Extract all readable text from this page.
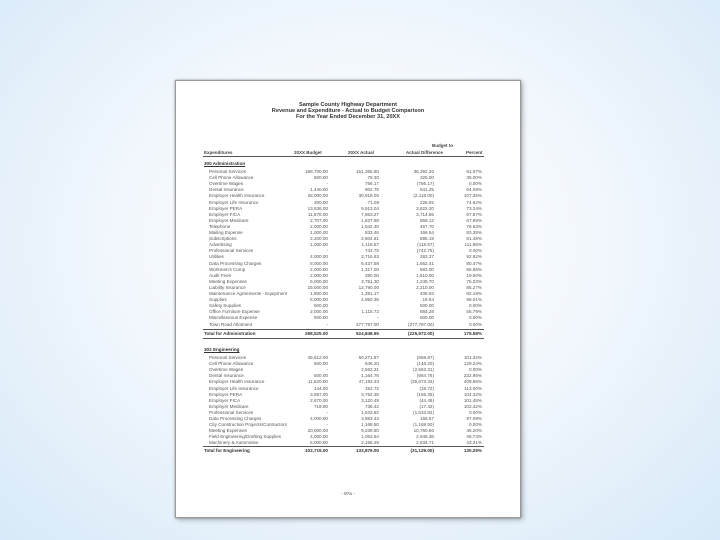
Sample County Highway Department
Revenue and Expenditure - Actual to Budget Comparison
For the Year Ended December 31, 20XX
Budget to
Expenditures	20XX Budget	20XX Actual	Actual Difference	Percent
300 Administration
Personal Services	188,700.00	151,355.80	36,392.20	81.07%
Cell Phone Allowance	500.00	78.30	325.00	35.00%
Overtime Wages	-	756.17	(756.17)	0.00%
Dental Insurance	1,440.00	902.75	541.25	64.08%
Employer Health Insurance	28,000.00	30,918.00	(2,118.00)	107.35%
Employer Life Insurance	300.00	71.08	228.92	74.62%
Employer PERA	13,536.00	9,913.04	3,622.20	73.24%
Employer FICA	11,578.00	7,863.27	3,714.65	67.87%
Employer Medicare	2,707.00	1,837.88	869.12	67.89%
Telephone	2,000.00	1,542.30	457.70	76.63%
Mailing Expense	1,000.00	833.46	166.54	83.35%
Subscriptions	2,200.00	2,604.81	595.19	81.48%
Advertising	1,000.00	1,118.57	(118.57)	111.86%
Professional Services	-	742.75	(742.75)	0.00%
Utilities	4,000.00	3,716.63	283.37	92.92%
Data Processing Charges	8,000.00	6,437.59	1,562.41	80.47%
Workmen's Comp	2,000.00	1,317.00	683.00	65.85%
Audit Fees	2,000.00	390.00	1,610.00	19.50%
Meeting Expenses	5,000.00	3,751.30	1,248.70	75.03%
Liability Insurance	15,000.00	12,790.00	2,210.00	85.27%
Maintenance Agreements - Equipment	1,800.00	1,391.17	408.83	82.18%
Supplies	5,000.00	4,950.36	19.64	99.01%
Safety Supplies	500.00	-	500.00	0.00%
Office Furniture Expense	2,000.00	1,115.72	884.28	55.79%
Miscellaneous Expense	500.00	-	500.00	0.00%
Town Road Allotment	-	277,797.00	(277,797.00)	0.00%
Total for Administration	298,525.00	524,848.95	(225,972.00)	175.58%
302 Engineering
Personal Services	45,612.00	50,271.87	(658.87)	101.32%
Cell Phone Allowance	500.00	646.20	(146.20)	129.24%
Overtime Wages	-	2,563.31	(2,563.31)	0.00%
Dental Insurance	500.00	1,164.76	(664.76)	232.95%
Employer Health Insurance	11,520.00	47,193.33	(35,673.33)	409.66%
Employer Life Insurance	144.00	162.72	(18.72)	113.00%
Employer PERA	3,597.00	3,752.35	(155.35)	104.32%
Employer FICA	2,670.00	3,120.49	(44.49)	101.45%
Employer Medicare	719.00	736.42	(17.42)	102.42%
Professional Services	-	1,533.82	(1,533.82)	0.00%
Data Processing Charges	4,000.00	3,883.43	166.57	97.09%
City Construction Projects/Contractors	-	1,168.50	(1,168.50)	0.00%
Meeting Expenses	20,000.00	9,239.50	10,760.50	46.20%
Field Engineering/Drafting Supplies	4,000.00	1,053.64	2,946.36	46.73%
Machinery & Automotive	5,000.00	2,165.29	2,834.71	43.31%
Total for Engineering	102,715.00	133,876.00	(31,129.00)	130.29%
- 97a -
